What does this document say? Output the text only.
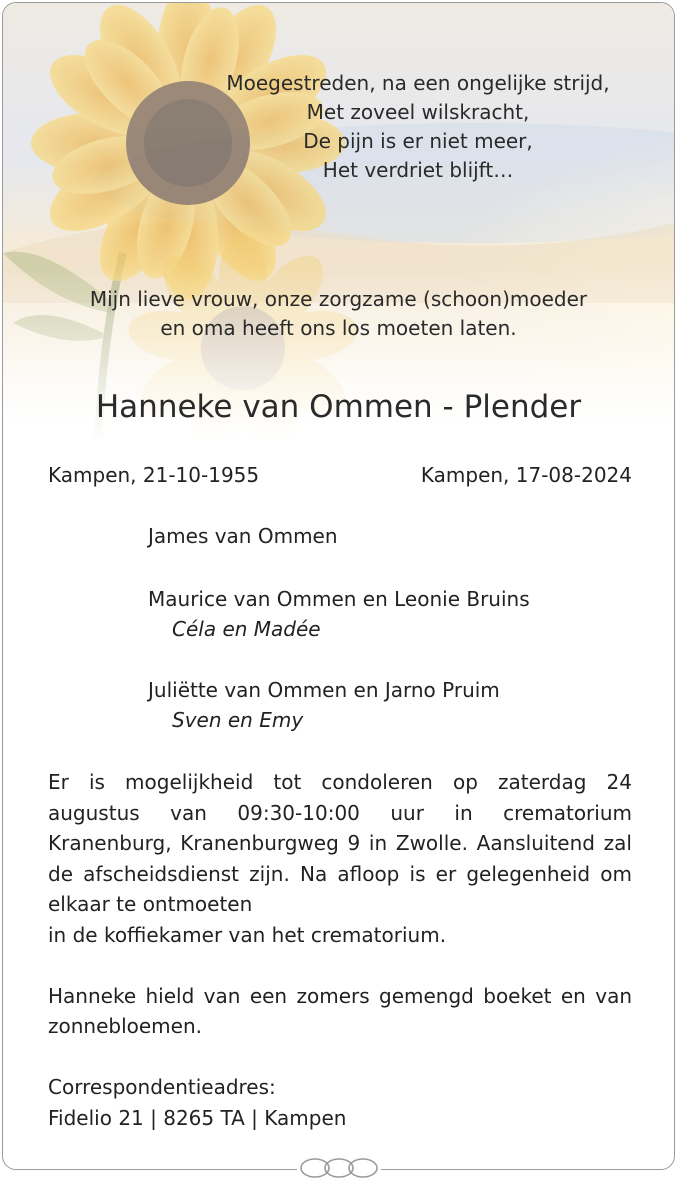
Moegestreden, na een ongelijke strijd,
Met zoveel wilskracht,
De pijn is er niet meer,
Het verdriet blijft…
Mijn lieve vrouw, onze zorgzame (schoon)moeder
en oma heeft ons los moeten laten.
Hanneke van Ommen - Plender
Kampen, 21-10-1955	Kampen, 17-08-2024
James van Ommen
Maurice van Ommen en Leonie Bruins
Céla en Madée
Juliëtte van Ommen en Jarno Pruim
Sven en Emy

Er is mogelijkheid tot condoleren op zaterdag 24 augustus van 09:30-10:00 uur in crematorium Kranenburg, Kranenburgweg 9 in Zwolle. Aansluitend zal de afscheidsdienst zijn. Na afloop is er gelegenheid om elkaar te ontmoeten

in de koffiekamer van het crematorium.

Hanneke hield van een zomers gemengd boeket en van zonnebloemen.

Correspondentieadres:
Fidelio 21 | 8265 TA | Kampen
